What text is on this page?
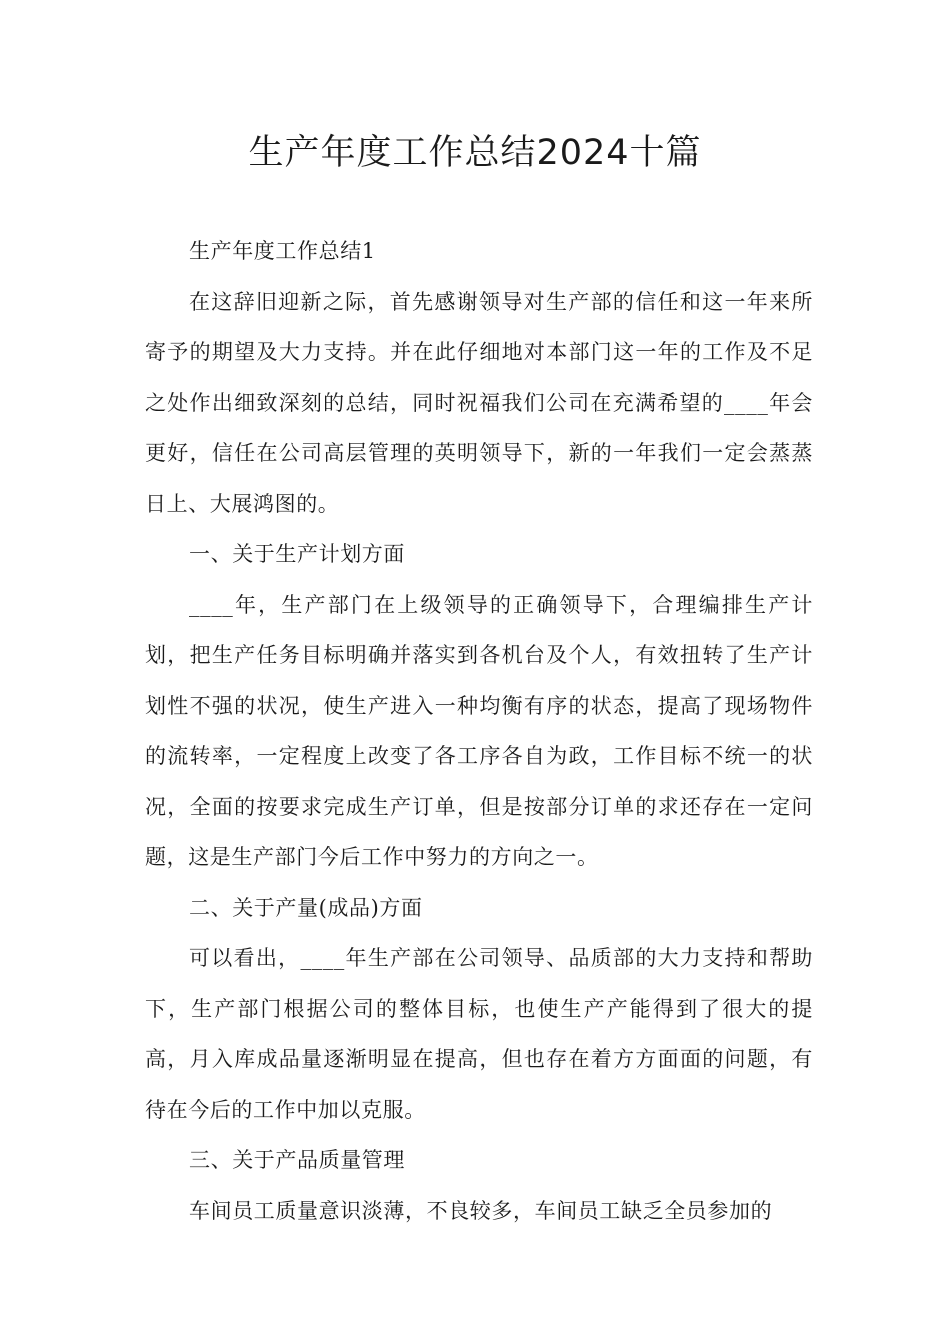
生产年度工作总结2024十篇

生产年度工作总结1

在这辞旧迎新之际，首先感谢领导对生产部的信任和这一年来所寄予的期望及大力支持。并在此仔细地对本部门这一年的工作及不足之处作出细致深刻的总结，同时祝福我们公司在充满希望的____年会更好，信任在公司高层管理的英明领导下，新的一年我们一定会蒸蒸日上、大展鸿图的。

一、关于生产计划方面

____年，生产部门在上级领导的正确领导下，合理编排生产计划，把生产任务目标明确并落实到各机台及个人，有效扭转了生产计划性不强的状况，使生产进入一种均衡有序的状态，提高了现场物件的流转率，一定程度上改变了各工序各自为政，工作目标不统一的状况，全面的按要求完成生产订单，但是按部分订单的求还存在一定问题，这是生产部门今后工作中努力的方向之一。

二、关于产量(成品)方面

可以看出，____年生产部在公司领导、品质部的大力支持和帮助下，生产部门根据公司的整体目标，也使生产产能得到了很大的提高，月入库成品量逐渐明显在提高，但也存在着方方面面的问题，有待在今后的工作中加以克服。

三、关于产品质量管理

车间员工质量意识淡薄，不良较多，车间员工缺乏全员参加的
